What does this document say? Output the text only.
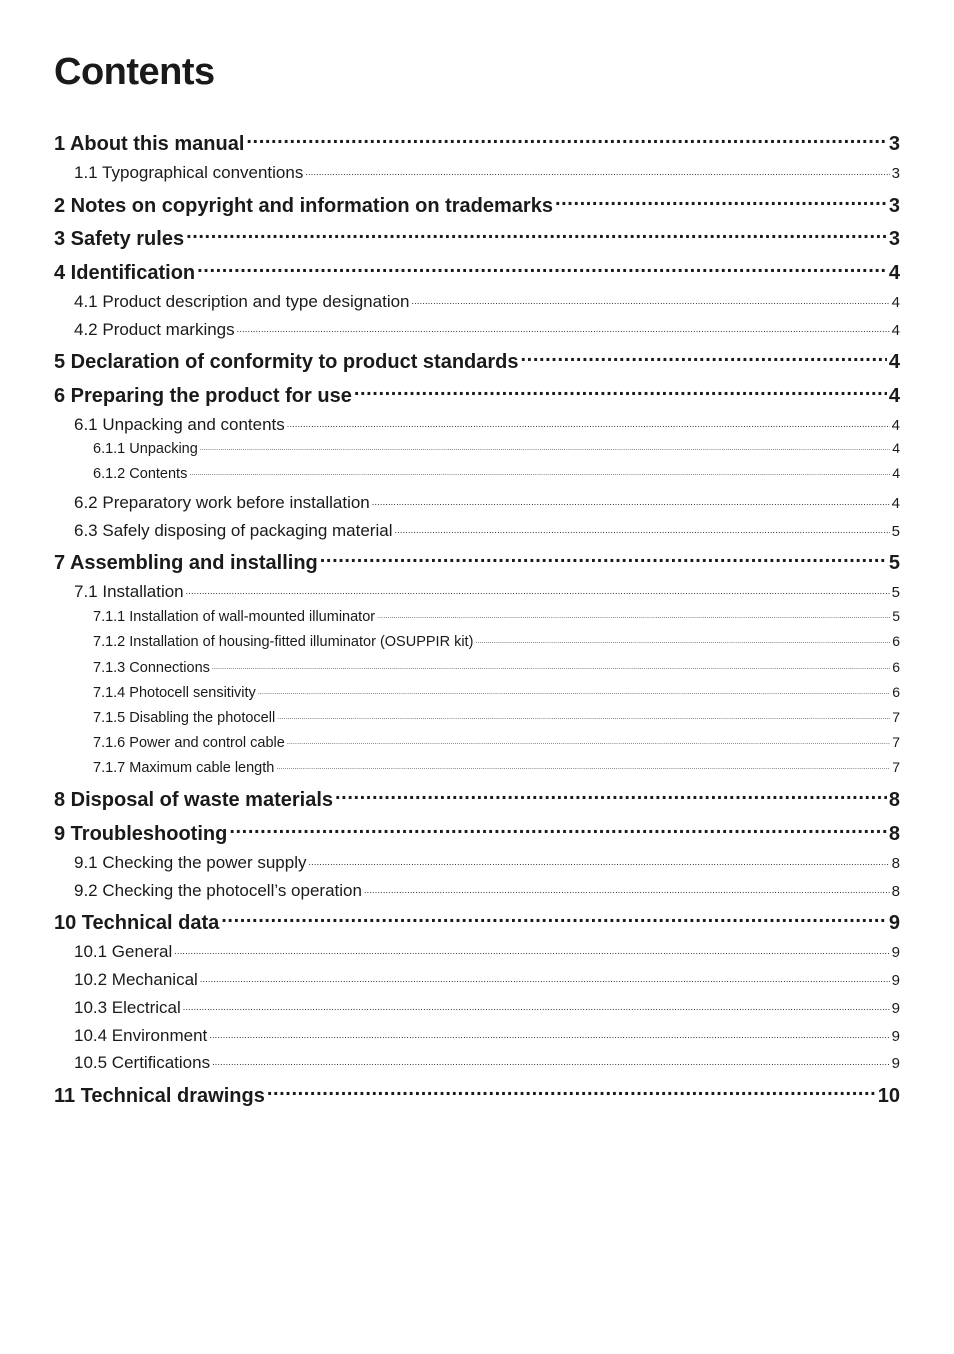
Contents
1 About this manual .....	3
1.1 Typographical conventions .....	3
2 Notes on copyright and information on trademarks .....	3
3 Safety rules .....	3
4 Identification .....	4
4.1 Product description and type designation .....	4
4.2 Product markings .....	4
5 Declaration of conformity to product standards .....	4
6 Preparing the product for use .....	4
6.1 Unpacking and contents .....	4
6.1.1 Unpacking .....	4
6.1.2 Contents .....	4
6.2 Preparatory work before installation .....	4
6.3 Safely disposing of packaging material .....	5
7 Assembling and installing .....	5
7.1 Installation .....	5
7.1.1 Installation of wall-mounted illuminator .....	5
7.1.2 Installation of housing-fitted illuminator (OSUPPIR kit) .....	6
7.1.3 Connections .....	6
7.1.4 Photocell sensitivity .....	6
7.1.5 Disabling the photocell .....	7
7.1.6 Power and control cable .....	7
7.1.7 Maximum cable length .....	7
8 Disposal of waste materials .....	8
9 Troubleshooting .....	8
9.1 Checking the power supply .....	8
9.2 Checking the photocell’s operation .....	8
10 Technical data .....	9
10.1 General .....	9
10.2 Mechanical .....	9
10.3 Electrical .....	9
10.4 Environment .....	9
10.5 Certifications .....	9
11 Technical drawings .....	10
